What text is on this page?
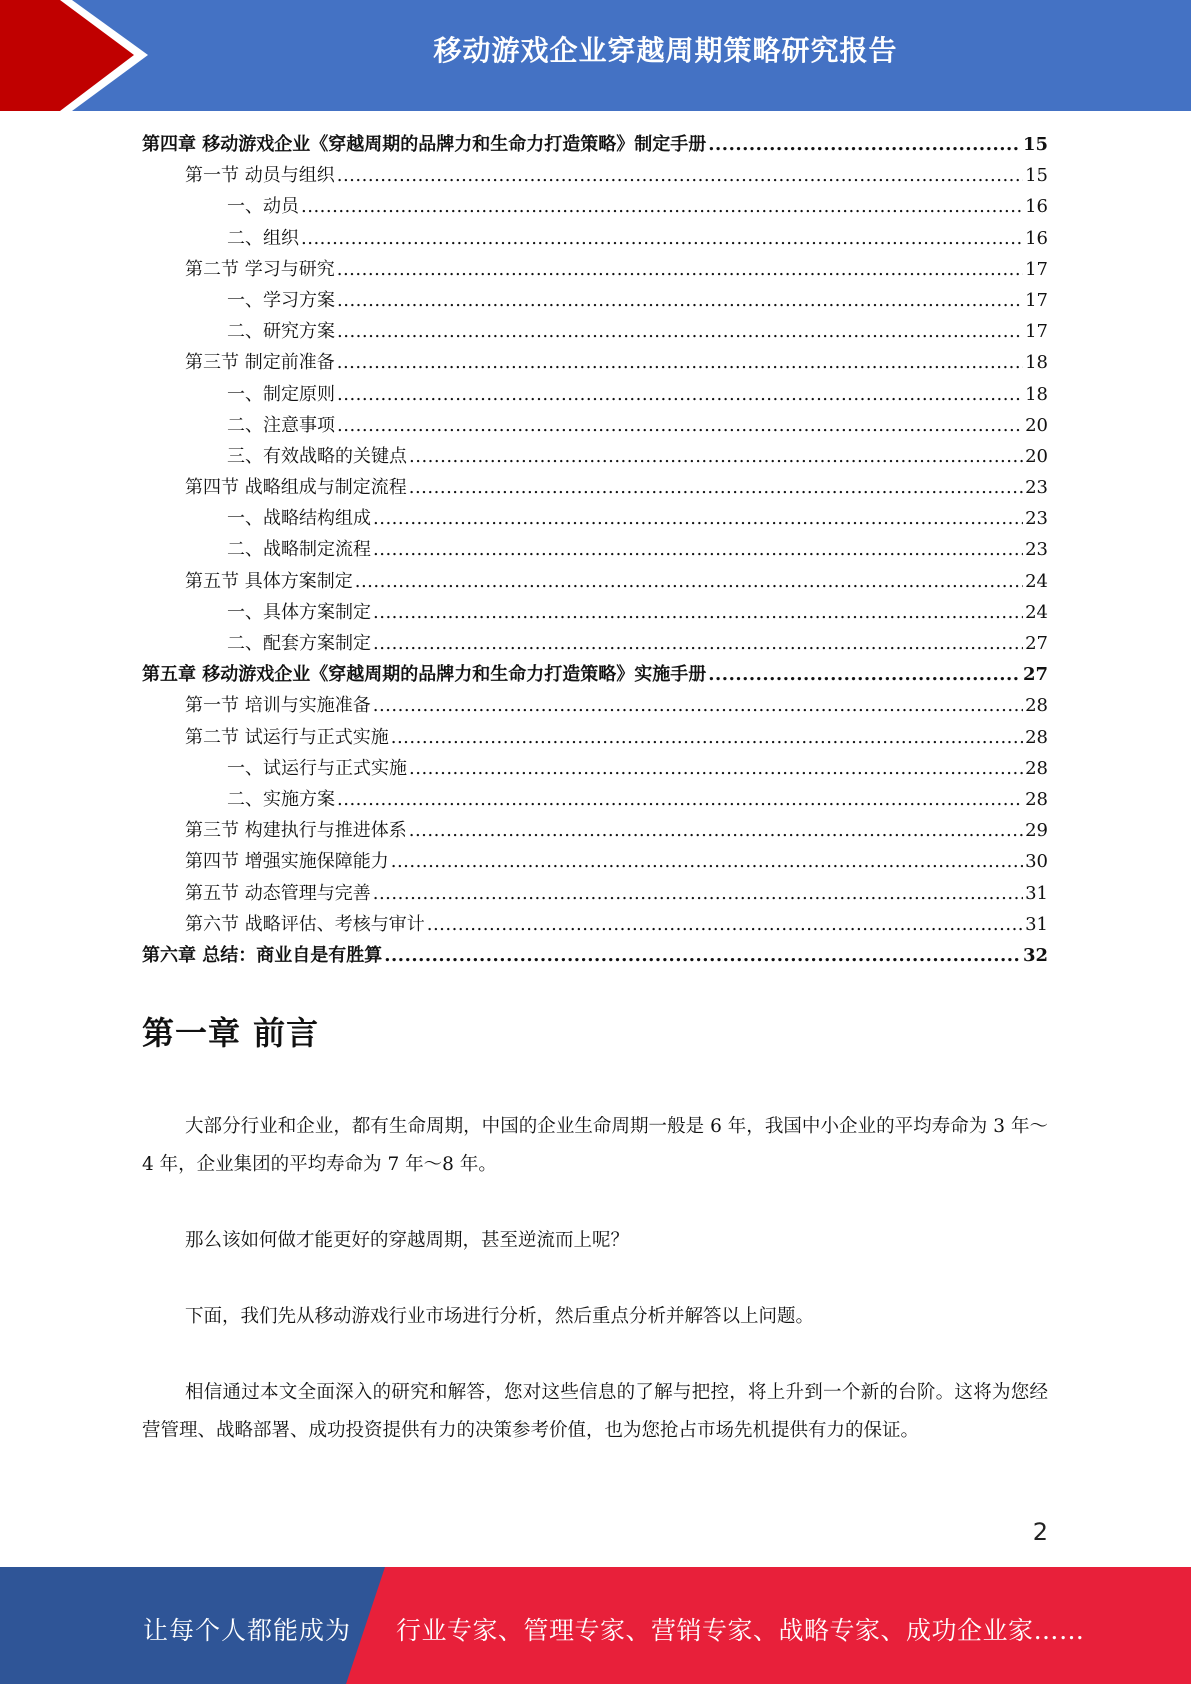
移动游戏企业穿越周期策略研究报告
第四章 移动游戏企业《穿越周期的品牌力和生命力打造策略》制定手册 .....	15
第一节 动员与组织 .....	15
一、动员 .....	16
二、组织 .....	16
第二节 学习与研究 .....	17
一、学习方案 .....	17
二、研究方案 .....	17
第三节 制定前准备 .....	18
一、制定原则 .....	18
二、注意事项 .....	20
三、有效战略的关键点 .....	20
第四节 战略组成与制定流程 .....	23
一、战略结构组成 .....	23
二、战略制定流程 .....	23
第五节 具体方案制定 .....	24
一、具体方案制定 .....	24
二、配套方案制定 .....	27
第五章 移动游戏企业《穿越周期的品牌力和生命力打造策略》实施手册 .....	27
第一节 培训与实施准备 .....	28
第二节 试运行与正式实施 .....	28
一、试运行与正式实施 .....	28
二、实施方案 .....	28
第三节 构建执行与推进体系 .....	29
第四节 增强实施保障能力 .....	30
第五节 动态管理与完善 .....	31
第六节 战略评估、考核与审计 .....	31
第六章 总结：商业自是有胜算 .....	32
第一章 前言

大部分行业和企业，都有生命周期，中国的企业生命周期一般是 6 年，我国中小企业的平均寿命为 3 年～4 年，企业集团的平均寿命为 7 年～8 年。

那么该如何做才能更好的穿越周期，甚至逆流而上呢？

下面，我们先从移动游戏行业市场进行分析，然后重点分析并解答以上问题。

相信通过本文全面深入的研究和解答，您对这些信息的了解与把控，将上升到一个新的台阶。这将为您经营管理、战略部署、成功投资提供有力的决策参考价值，也为您抢占市场先机提供有力的保证。

2
让每个人都能成为 行业专家、管理专家、营销专家、战略专家、成功企业家……
